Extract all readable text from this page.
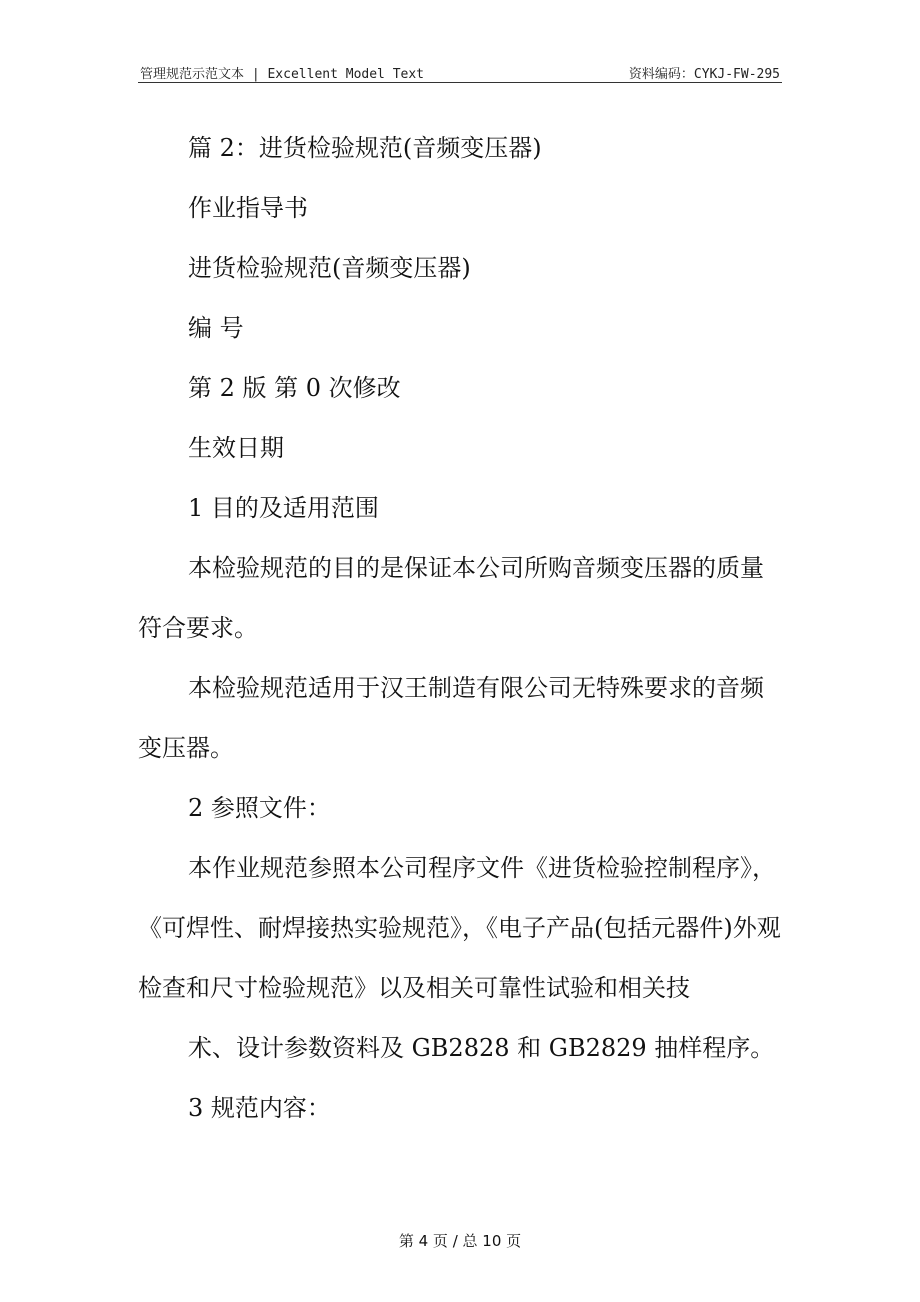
管理规范示范文本 | Excellent Model Text	资料编码：CYKJ-FW-295

篇 2：进货检验规范(音频变压器)

作业指导书

进货检验规范(音频变压器)

编 号

第 2 版 第 0 次修改

生效日期

1 目的及适用范围

本检验规范的目的是保证本公司所购音频变压器的质量符合要求。

本检验规范适用于汉王制造有限公司无特殊要求的音频变压器。

2 参照文件：

本作业规范参照本公司程序文件《进货检验控制程序》，《可焊性、耐焊接热实验规范》，《电子产品(包括元器件)外观检查和尺寸检验规范》以及相关可靠性试验和相关技

术、设计参数资料及 GB2828 和 GB2829 抽样程序。

3 规范内容：

第 4 页 / 总 10 页
